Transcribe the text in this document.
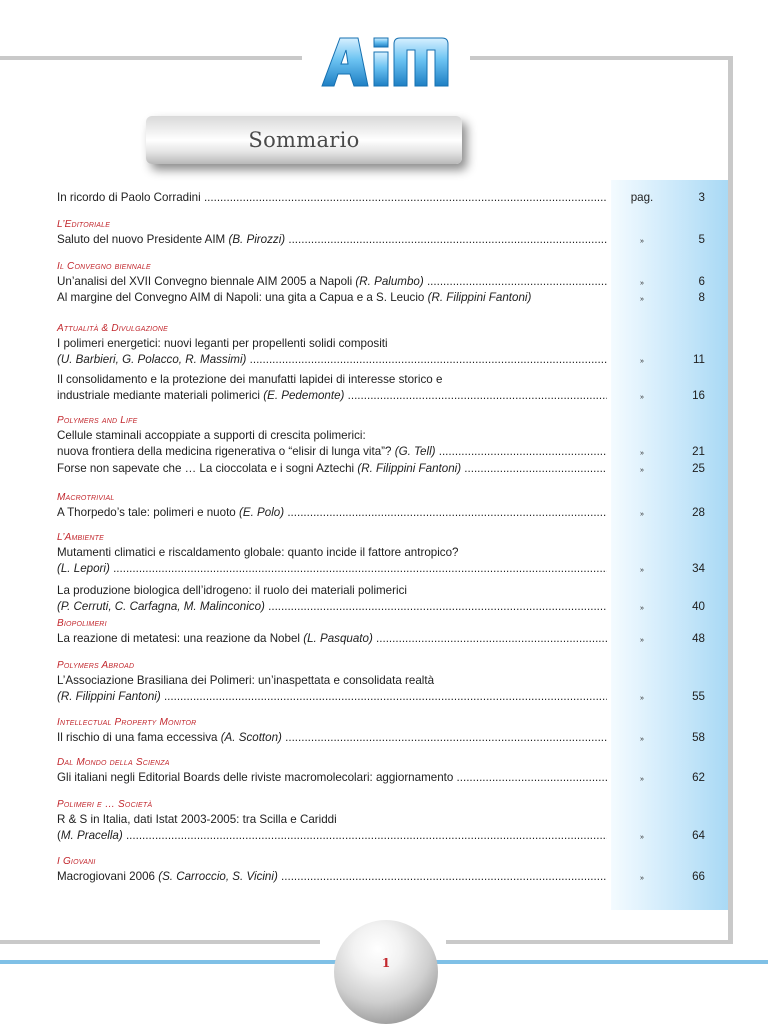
Sommario
In ricordo di Paolo Corradini .....	pag.	3
L’Editoriale
Saluto del nuovo Presidente AIM (B. Pirozzi) .....	»	5
Il Convegno biennale
Un’analisi del XVII Convegno biennale AIM 2005 a Napoli (R. Palumbo) .....	»	6
Al margine del Convegno AIM di Napoli: una gita a Capua e a S. Leucio (R. Filippini Fantoni)	»	8
Attualità & Divulgazione
I polimeri energetici: nuovi leganti per propellenti solidi compositi
(U. Barbieri, G. Polacco, R. Massimi) .....	»	11
Il consolidamento e la protezione dei manufatti lapidei di interesse storico e
industriale mediante materiali polimerici (E. Pedemonte) .....	»	16
Polymers and Life
Cellule staminali accoppiate a supporti di crescita polimerici:
nuova frontiera della medicina rigenerativa o “elisir di lunga vita”? (G. Tell) .....	»	21
Forse non sapevate che … La cioccolata e i sogni Aztechi (R. Filippini Fantoni) .....	»	25
Macrotrivial
A Thorpedo’s tale: polimeri e nuoto (E. Polo) .....	»	28
L’Ambiente
Mutamenti climatici e riscaldamento globale: quanto incide il fattore antropico?
(L. Lepori) .....	»	34
La produzione biologica dell’idrogeno: il ruolo dei materiali polimerici
(P. Cerruti, C. Carfagna, M. Malinconico) .....	»	40
Biopolimeri
La reazione di metatesi: una reazione da Nobel (L. Pasquato) .....	»	48
Polymers Abroad
L’Associazione Brasiliana dei Polimeri: un’inaspettata e consolidata realtà
(R. Filippini Fantoni) .....	»	55
Intellectual Property Monitor
Il rischio di una fama eccessiva (A. Scotton) .....	»	58
Dal Mondo della Scienza
Gli italiani negli Editorial Boards delle riviste macromolecolari: aggiornamento .....	»	62
Polimeri e … Società
R & S in Italia, dati Istat 2003-2005: tra Scilla e Cariddi
(M. Pracella) .....	»	64
I Giovani
Macrogiovani 2006 (S. Carroccio, S. Vicini) .....	»	66
1
